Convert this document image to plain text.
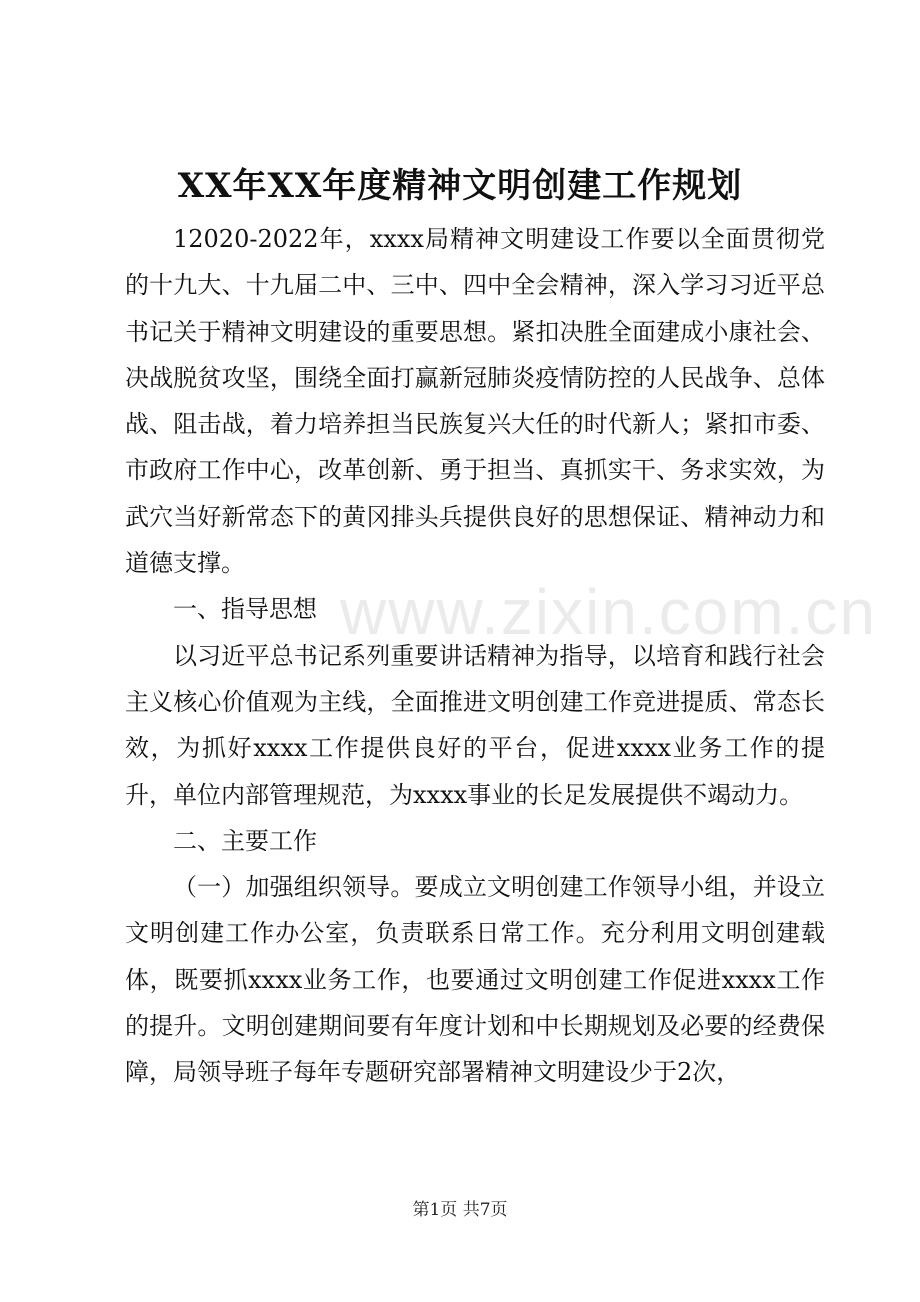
XX年XX年度精神文明创建工作规划

12020-2022年，xxxx局精神文明建设工作要以全面贯彻党的十九大、十九届二中、三中、四中全会精神，深入学习习近平总书记关于精神文明建设的重要思想。紧扣决胜全面建成小康社会、决战脱贫攻坚，围绕全面打赢新冠肺炎疫情防控的人民战争、总体战、阻击战，着力培养担当民族复兴大任的时代新人；紧扣市委、市政府工作中心，改革创新、勇于担当、真抓实干、务求实效，为武穴当好新常态下的黄冈排头兵提供良好的思想保证、精神动力和道德支撑。

一、指导思想

以习近平总书记系列重要讲话精神为指导，以培育和践行社会主义核心价值观为主线，全面推进文明创建工作竞进提质、常态长效，为抓好xxxx工作提供良好的平台，促进xxxx业务工作的提升，单位内部管理规范，为xxxx事业的长足发展提供不竭动力。

二、主要工作

（一）加强组织领导。要成立文明创建工作领导小组，并设立文明创建工作办公室，负责联系日常工作。充分利用文明创建载体，既要抓xxxx业务工作，也要通过文明创建工作促进xxxx工作的提升。文明创建期间要有年度计划和中长期规划及必要的经费保障，局领导班子每年专题研究部署精神文明建设少于2次，

www.zixin.com.cn
第1页 共7页
